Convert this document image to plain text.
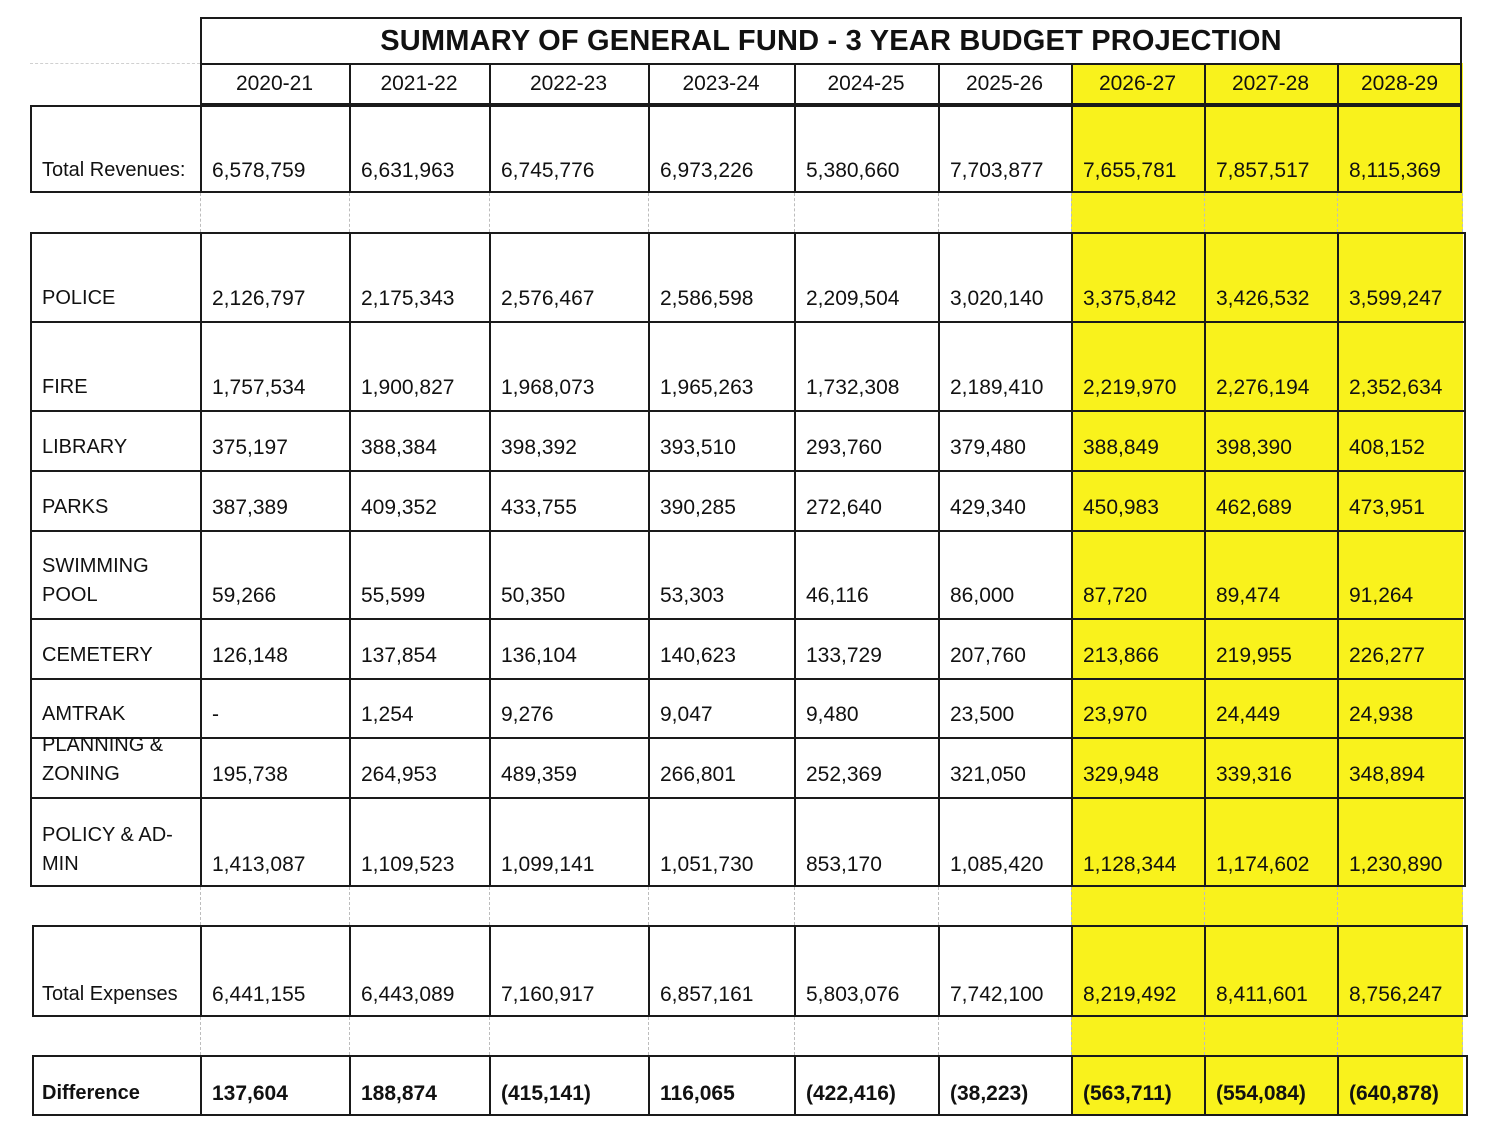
SUMMARY OF GENERAL FUND - 3 YEAR BUDGET PROJECTION
2020-21	2021-22	2022-23	2023-24	2024-25	2025-26	2026-27	2027-28	2028-29
Total Revenues: 6,578,759	6,631,963 6,745,776	6,973,226	5,380,660 7,703,877 7,655,781 7,857,517 8,115,369
POLICE	2,126,797	2,175,343 2,576,467	2,586,598	2,209,504 3,020,140 3,375,842 3,426,532 3,599,247
FIRE	1,757,534	1,900,827 1,968,073	1,965,263	1,732,308 2,189,410 2,219,970 2,276,194 2,352,634
LIBRARY	375,197	388,384	398,392	393,510	293,760	379,480	388,849	398,390	408,152
PARKS	387,389	409,352	433,755	390,285	272,640	429,340	450,983	462,689	473,951
SWIMMING
POOL	59,266	55,599	50,350	53,303	46,116	86,000	87,720	89,474	91,264
CEMETERY	126,148	137,854	136,104	140,623	133,729	207,760	213,866	219,955	226,277
AMTRAK	-	1,254	9,276	9,047	9,480	23,500	23,970	24,449	24,938
PLANNING &
ZONING	195,738	264,953	489,359	266,801	252,369	321,050	329,948	339,316	348,894
POLICY & AD-
MIN	1,413,087	1,109,523 1,099,141	1,051,730	853,170	1,085,420 1,128,344 1,174,602 1,230,890
Total Expenses 6,441,155	6,443,089 7,160,917	6,857,161	5,803,076 7,742,100 8,219,492 8,411,601 8,756,247
Difference	137,604	188,874	(415,141)	116,065	(422,416)	(38,223)	(563,711) (554,084) (640,878)
